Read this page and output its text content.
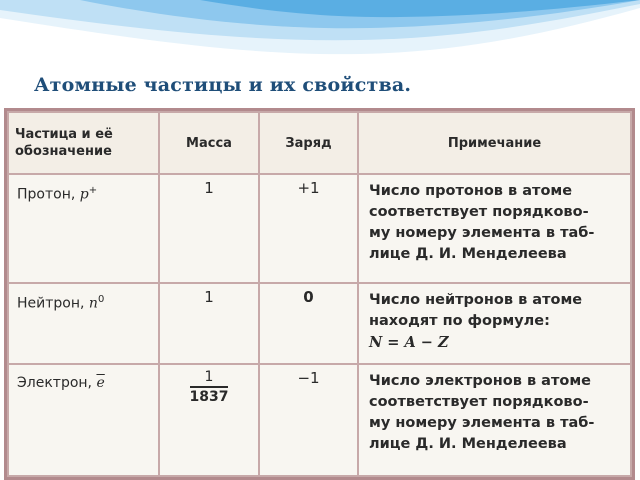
Атомные частицы и их свойства.
Частица и её
обозначение	Масса	Заряд	Примечание

Протон, p+	1	+1	Число протонов в атоме
соответствует порядково-
му номеру элемента в таб-
лице Д. И. Менделеева

Нейтрон, $n^0$	1	0	Число нейтронов в атоме
находят по формуле:
N = A − Z

Электрон, $\overline{e}$	$\frac{1}{1837}$	−1	Число электронов в атоме
соответствует порядково-
му номеру элемента в таб-
лице Д. И. Менделеева
